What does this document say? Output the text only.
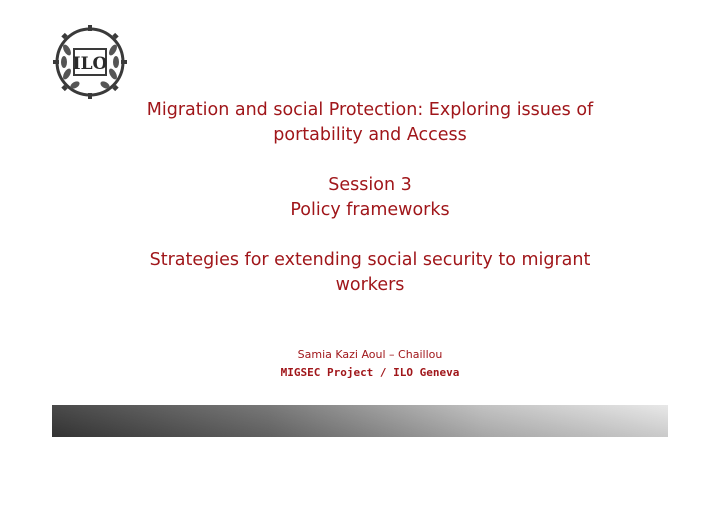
ILO

Migration and social Protection: Exploring issues of

portability and Access

Session 3

Policy frameworks

Strategies for extending social security to migrant

workers

Samia Kazi Aoul – Chaillou
MIGSEC Project / ILO Geneva
